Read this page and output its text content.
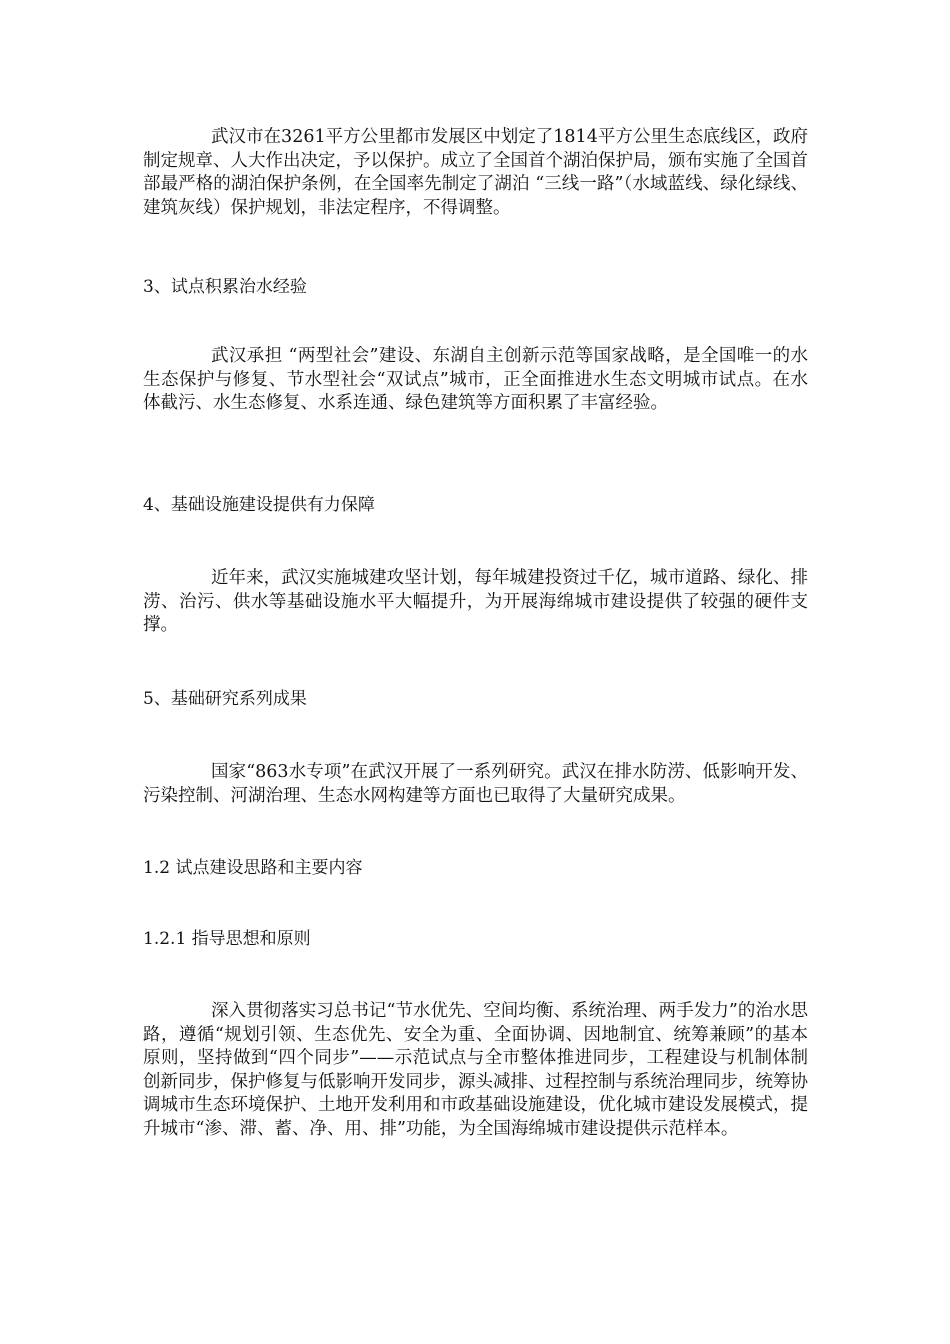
武汉市在3261平方公里都市发展区中划定了1814平方公里生态底线区，政府制定规章、人大作出决定，予以保护。成立了全国首个湖泊保护局，颁布实施了全国首部最严格的湖泊保护条例，在全国率先制定了湖泊 “三线一路”（水域蓝线、绿化绿线、建筑灰线）保护规划，非法定程序，不得调整。

3、试点积累治水经验

武汉承担 “两型社会”建设、东湖自主创新示范等国家战略，是全国唯一的水生态保护与修复、节水型社会“双试点”城市，正全面推进水生态文明城市试点。在水体截污、水生态修复、水系连通、绿色建筑等方面积累了丰富经验。

4、基础设施建设提供有力保障

近年来，武汉实施城建攻坚计划，每年城建投资过千亿，城市道路、绿化、排涝、治污、供水等基础设施水平大幅提升，为开展海绵城市建设提供了较强的硬件支撑。

5、基础研究系列成果

国家“863水专项”在武汉开展了一系列研究。武汉在排水防涝、低影响开发、污染控制、河湖治理、生态水网构建等方面也已取得了大量研究成果。

1.2 试点建设思路和主要内容

1.2.1 指导思想和原则

深入贯彻落实习总书记“节水优先、空间均衡、系统治理、两手发力”的治水思路，遵循“规划引领、生态优先、安全为重、全面协调、因地制宜、统筹兼顾”的基本原则，坚持做到“四个同步”——示范试点与全市整体推进同步，工程建设与机制体制创新同步，保护修复与低影响开发同步，源头减排、过程控制与系统治理同步，统筹协调城市生态环境保护、土地开发利用和市政基础设施建设，优化城市建设发展模式，提升城市“渗、滞、蓄、净、用、排”功能，为全国海绵城市建设提供示范样本。
